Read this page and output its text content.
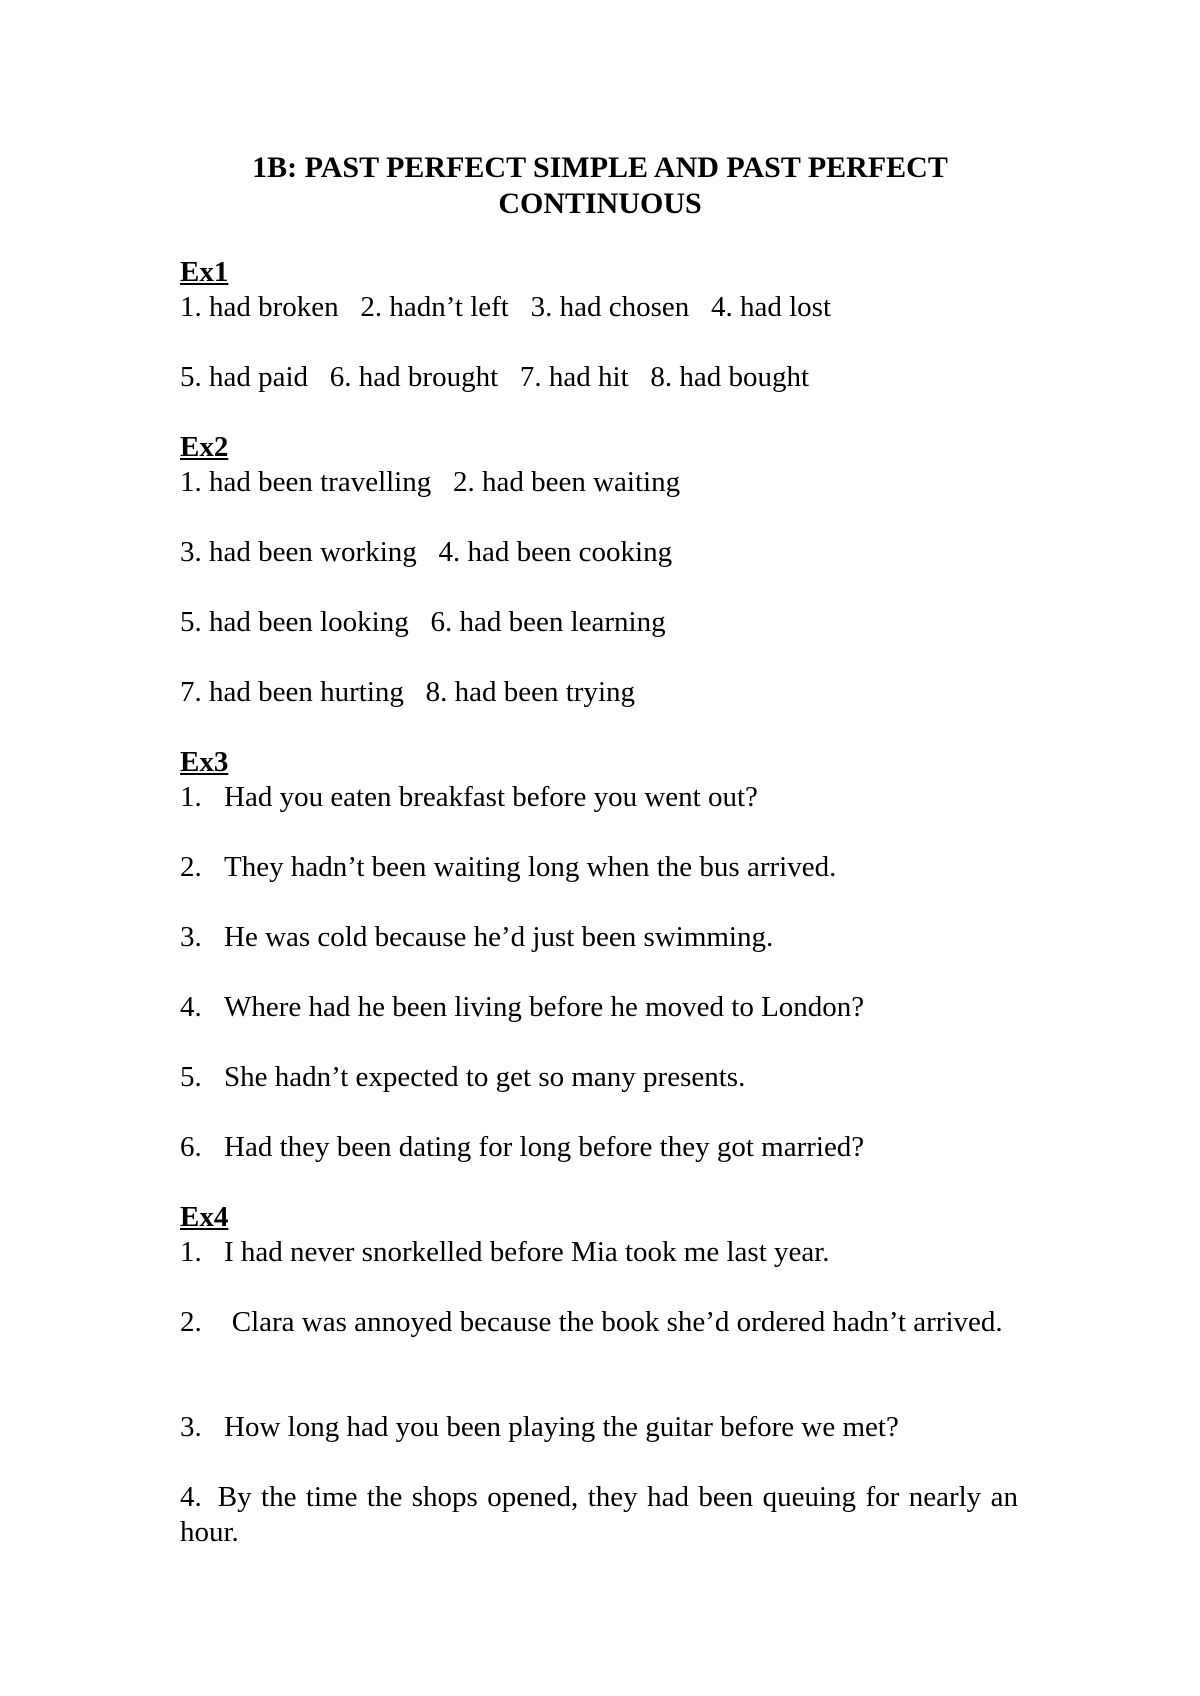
1B: PAST PERFECT SIMPLE AND PAST PERFECT
CONTINUOUS
Ex1
1. had broken   2. hadn’t left   3. had chosen   4. had lost
5. had paid   6. had brought   7. had hit   8. had bought
Ex2
1. had been travelling   2. had been waiting
3. had been working   4. had been cooking
5. had been looking   6. had been learning
7. had been hurting   8. had been trying
Ex3
1. Had you eaten breakfast before you went out?
2. They hadn’t been waiting long when the bus arrived.
3. He was cold because he’d just been swimming.
4. Where had he been living before he moved to London?
5. She hadn’t expected to get so many presents.
6. Had they been dating for long before they got married?
Ex4
1. I had never snorkelled before Mia took me last year.
2. Clara was annoyed because the book she’d ordered hadn’t arrived.
3. How long had you been playing the guitar before we met?
4. By the time the shops opened, they had been queuing for nearly an hour.
